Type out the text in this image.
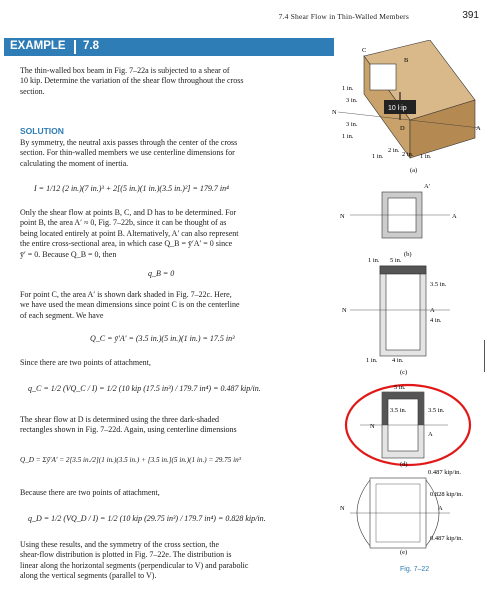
7.4 Shear Flow in Thin-Walled Members	391
EXAMPLE 7.8
The thin-walled box beam in Fig. 7–22a is subjected to a shear of
10 kip. Determine the variation of the shear flow throughout the cross
section.
SOLUTION
By symmetry, the neutral axis passes through the center of the cross
section. For thin-walled members we use centerline dimensions for
calculating the moment of inertia.
I = 1/12 (2 in.)(7 in.)³ + 2[(5 in.)(1 in.)(3.5 in.)²] = 179.7 in⁴
Only the shear flow at points B, C, and D has to be determined. For
point B, the area A′ ≈ 0, Fig. 7–22b, since it can be thought of as
being located entirely at point B. Alternatively, A′ can also represent
the entire cross-sectional area, in which case Q_B = ȳ′A′ = 0 since
ȳ′ = 0. Because Q_B = 0, then
q_B = 0
For point C, the area A′ is shown dark shaded in Fig. 7–22c. Here,
we have used the mean dimensions since point C is on the centerline
of each segment. We have
Q_C = ȳ′A′ = (3.5 in.)(5 in.)(1 in.) = 17.5 in³
Since there are two points of attachment,
q_C = 1/2 (VQ_C / I) = 1/2 (10 kip (17.5 in³) / 179.7 in⁴) = 0.487 kip/in.
The shear flow at D is determined using the three dark-shaded
rectangles shown in Fig. 7–22d. Again, using centerline dimensions
Q_D = Σȳ′A′ = 2[3.5 in./2](1 in.)(3.5 in.) + [3.5 in.](5 in.)(1 in.) = 29.75 in³
Because there are two points of attachment,
q_D = 1/2 (VQ_D / I) = 1/2 (10 kip (29.75 in³) / 179.7 in⁴) = 0.828 kip/in.
Using these results, and the symmetry of the cross section, the
shear-flow distribution is plotted in Fig. 7–22e. The distribution is
linear along the horizontal segments (perpendicular to V) and parabolic
along the vertical segments (parallel to V).
10 kip
C
B
D	A
N
1 in.
3 in.
3 in.
1 in.
1 in.
2 in.
2 in. 1 in.
(a)
A′
N	A
(b)
1 in. 5 in.
3.5 in.
N	A
4 in.
1 in. 4 in.
(c)
5 in.
3.5 in.	3.5 in.
N
A
(d)
0.487 kip/in.
0.828 kip/in.
N	A
0.487 kip/in.
(e)
Fig. 7–22
